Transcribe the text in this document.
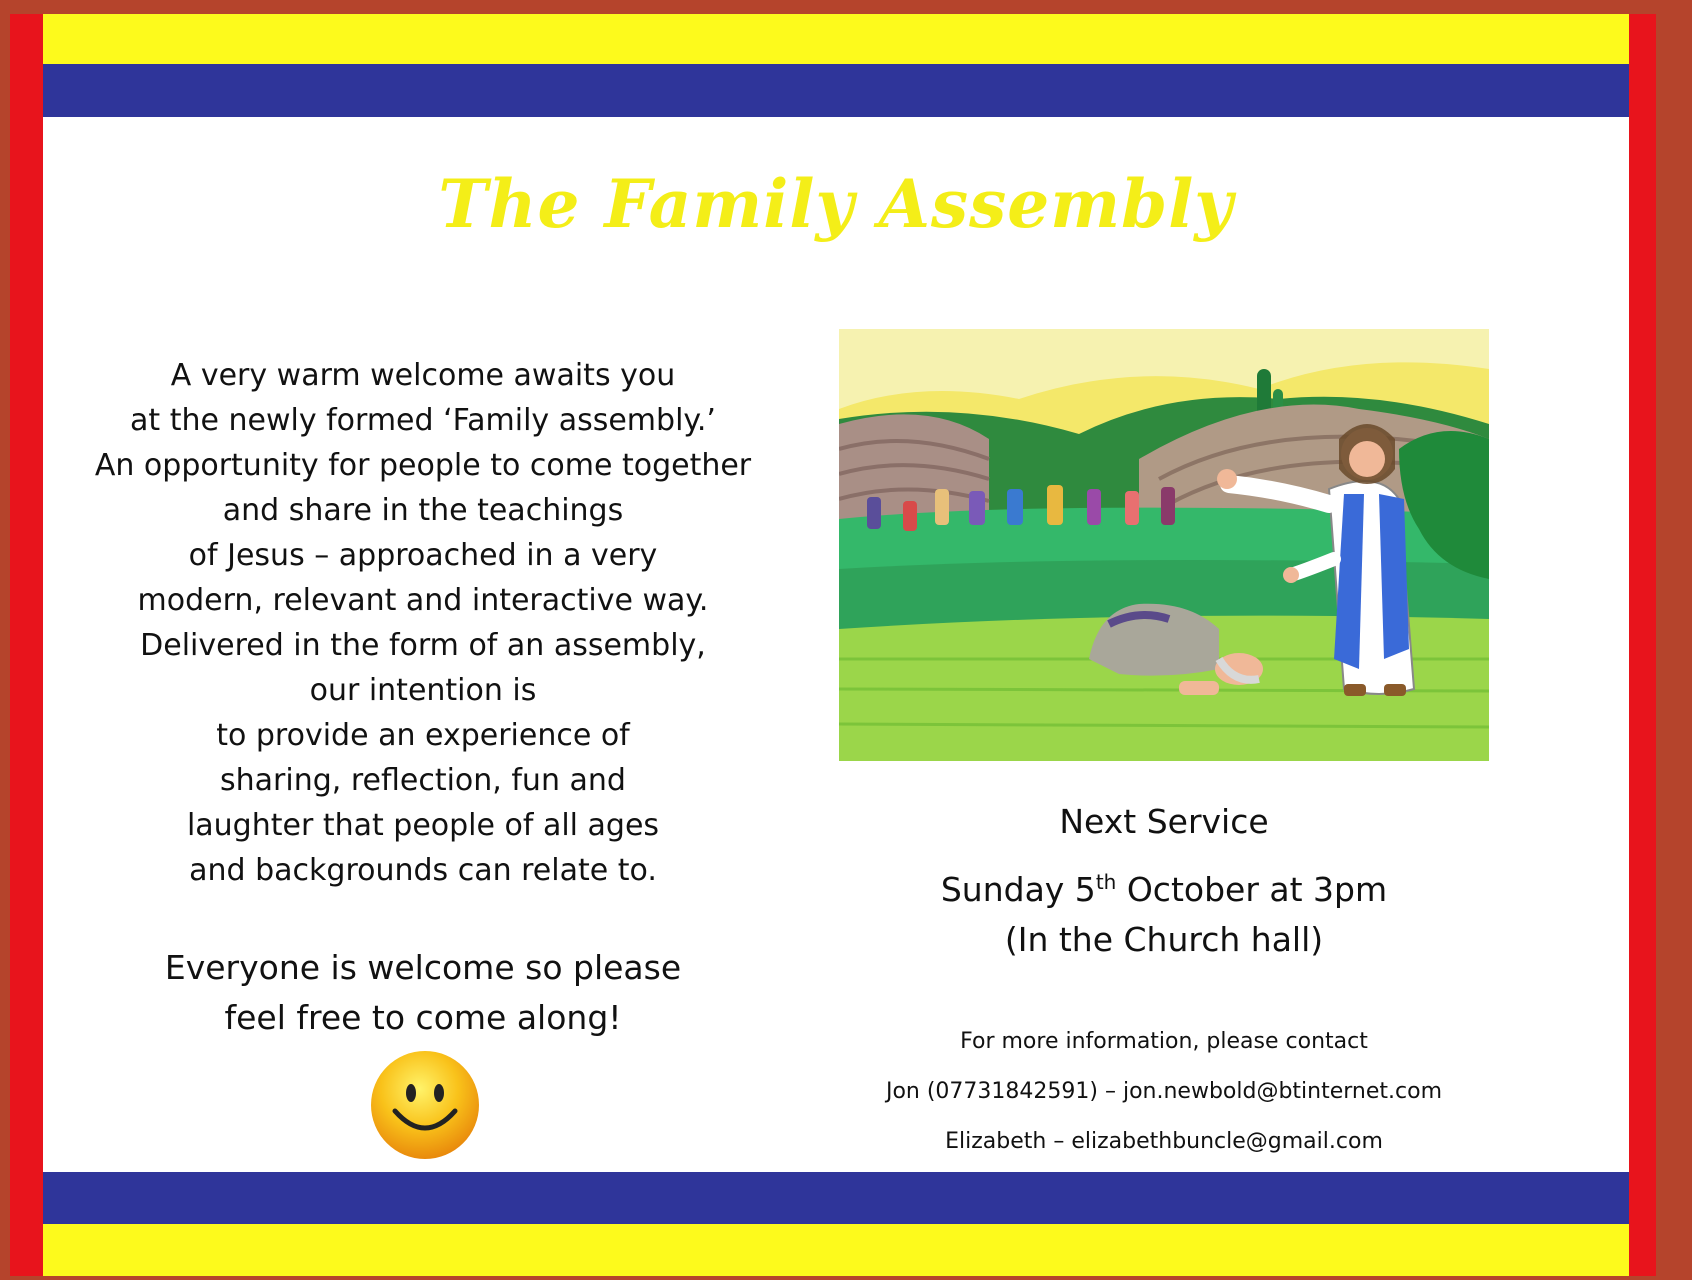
The Family Assembly
A very warm welcome awaits you
at the newly formed ‘Family assembly.’
An opportunity for people to come together
and share in the teachings
of Jesus – approached in a very
modern, relevant and interactive way.
Delivered in the form of an assembly,
our intention is
to provide an experience of
sharing, reflection, fun and
laughter that people of all ages
and backgrounds can relate to.
Everyone is welcome so please
feel free to come along!
Next Service
Sunday 5th October at 3pm
(In the Church hall)
For more information, please contact
Jon (07731842591) – jon.newbold@btinternet.com
Elizabeth – elizabethbuncle@gmail.com
